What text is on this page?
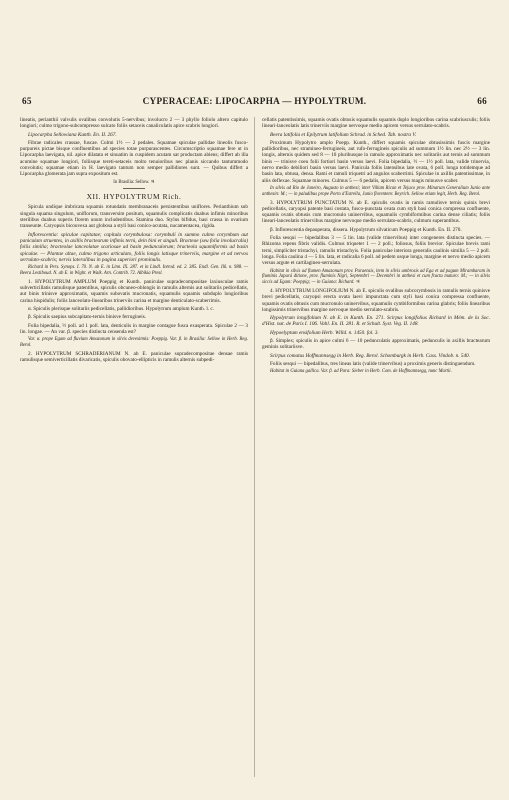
65	CYPERACEAE: LIPOCARPHA — HYPOLYTRUM.	66

lineatis, perianthii valvulis ovalibus convolutis 5-nervibus; involucro 2 — 3 phyllo foliolo altero capitulo longiori; culmo trigono-subcompresso sulcato foliis setaceis canaliculatis apice scabris longiori.

Lipocarpha Sellowiana Kunth. En. II. 267.

Fibrae radicales crassae, fuscae. Culmi 1½ — 2 pedales. Squamae spiculae pallidae lineolis fusco-purpureis pictae bisque confluentibus ad species totae purpurascentes. Circumscriptio squamae fere ut in Lipocarpha laevigata, nil. apice dilatata et sinuatim in cuspidem acutam sat productam abiens; differt ab illa acumine squamae longiori, foliisque tereti-setaceis molto tenuioribus nec planis siccando tantummodo convolutis; squamae etiam in H. laevigato tantum non semper pallidiores sunt. — Quibus differt a Lipocarpha glomerata jam supra expositum est.

In Brasilia: Sellow. ♃

XII. HYPOLYTRUM Rich.

Spicula undique imbricata squamis rotundatis membranaceis persistentibus uniflores. Perianthium sub singula squama singulum, uniflorum, transversim positum, squamulis complicatis duabus infimis minoribus sterilibus duabus superis florem unum includentibus. Stamina duo. Stylus bifidus, basi crassa in ovarium transeunte. Caryopsis bicouvexa aut globosa a styli basi conico-acutata, nucamentacea, rigida.

Inflorescentia: spiculae capitatae; capitula corymbulosa: corymbuli in summo culmo corymbum aut paniculam struentes, in axillis bractearum infimis terni, dein bini et singuli. Bracteae (seu folia involucralia) foliis similia; bracteolae lanceolatae scariosae ad basin pedunculorum; bracteola squamiformis ad basin spiculae. — Plantae altae, culmo trigono articulato, foliis longis latisque trinerviis, margine et ad nervos serrulato-scabris; nervis lateralibus in pagina superiori prominulis.

Richard in Pers. Synops. I. 70. N. ab E. in Linn. IX. 287. et in Lindl. Introd. ed. 2. 385. Endl. Gen. Il6. n. 988. — Beera Lestiboud. N. ab E. in Wight. et Walk. Arn. Contrib. 72. Albikia Presl.

1. HYPOLYTRUM AMPLUM Poeppig et Kunth. paniculae supradecompositae laxiusculae ramis subverticillatis ramulisque patentibus, spiculis obcuneo-oblongis in ramulis alternis aut solitariis pedicellatis, aut binis trinisve approximatis, squamis subovatis mucronatis, squamulis squamis subduplo longioribus carina hispidulis; foliis lanceolato-linearibus trinerviis carina et margine denticulato-scaberrimis.

α. Spiculis plerisque solitariis pedicellatis, pallidioribus. Hypolytrum amplum Kunth. l. c.

β. Spiculis saepius subcapitato-ternis binisve ferrugineis.

Folia bipedalia, ½ poll. ad 1 poll. lata, denticulis in margine contague fusca exasperata. Spiculae 2 — 3 lin. longae. — An var. β. species distincta censenda est?

Var. α. prope Egam ad fluvium Amazonum in silvis devexitmis: Poeppig. Var. β. in Brasilia: Sellow in Herb. Reg. Berol.

2. HYPOLYTRUM SCHRADERIANUM N. ab E. paniculae supradecompositae densae ramis ramulisque semiverticillatis divaricatis, spiculis obovato-ellipticis in ramulis alternis subpedi-

cellatis patentissimis, squamis ovatis obtusis squamulis squamis duplo longioribus carina scabriusculis; foliis lineari-lanceolatis latis trinerviis margine nervoque medio apicem versus serrulato-scabris.

Beera latifolia et Epilytrum latifolium Schrad. in Sched. Tab. nostra V.

Proximum Hypolytro amplo Poepp. Kunth., differt squamis spiculae obtusissimis fuscis margine pallidioribus, nec stramineo-ferrugineis, aut rufo-ferrugineis spiculis ad summum 1½ lin. nec 2½ — 3 lin. longis, alternis quidem sed 8 — 10 pluribusque in ramulo approximatis nec solitariis aut ternis ad summum binis — trinisve coeu folii fortiori basin versus laevi. Folia bipedalia, ½ — 1½ poll. lata, valide trinervia, nervo medio debiliori basin versus laevi. Panicula foliis latensibus late ovata, 6 poll. longa totidemque ad basin lata, obtusa, densa. Rami et ramuli triquetri ad angulos scaberrimi. Spiculae in axillis patentissimae, in aliis deflexae. Squamae minores. Culmus 5 — 6 pedalis, apicem versus magis minusve scaber.

In silvis ad Rio de Janeiro, Augusto in anthesi; inter Villam Rican et Tejuco prov. Minarum Generalium Junio ante anthesin: M.; — in paludibus prope Porto d'Estrella, Junio florentem: Beyrich. Sellow etiam legit, Herb. Reg. Berol.

3. HYPOLYTRUM PUNCTATUM N. ab E. spiculis ovatis in ramis ramulisve ternis quinis brevi pedicellatis, caryopsi patente basi costata, fusco-punctata ovata cum styli basi conica compressa confluente, squamis ovatis obtusis cum mucronulo uninervibus, squamulis cymbiformibus carina dense ciliatis; foliis lineari-lanceolatis trinervibus margine nervoque medio serrulato-scabris, culmum superantibus.

β. Inflorescentia depauperata, dissera. Hypolytrum silvaticum Poeppig et Kunth. En. II. 270.

Folia sesqui — bipedalibus 3 — 5 lin. lata (valide trinervibus) inter congeneres distincta species. — Rhizoma repens fibris validis. Culmus triqueter 1 — 2 poll.; foliosus, foliis brevior. Spiculae brevis rami terni, simpliciter tristachyi, ramulis tristachyis. Folia paniculae interiora generalis caulinis similia 5 — 2 poll. longa. Folia caulina 4 — 5 lin. lata, et radicalia 6 poll. ad pedem usque longa, margine et nervo medio apicem versus argute et cartilagineo-serrulata.

Habitat in silvis ad flumen Amazonum prov. Paraensis, item in silvis umbrosis ad Ega et ad pagum Mirambaram in fluminis Japurá ditione, prov. fluminis Nigri, Septembri — Decembri in anthesi et cum fructu maturo: M.; — in silvis siccis ad Egam: Poeppig; — in Guiana: Richard. ♃

4. HYPOLYTRUM LONGIFOLIUM N. ab E. spiculis ovalibus subcorymbosis in ramulis ternis quinisve brevi pedicellatis, caryopsi erecta ovata laevi impunctata cum styli basi conica compressa confluente, squamis ovatis obtusis cum mucronulo uninervibus, squamulis cymbiformibus carina glabris; foliis linearibus longissimis trinervibus margine nervoque medio serrulato-scabris.

Hypolytrum longifolium N. ab E. in Kunth. En. 271. Scirpus longifolius Richard in Mém. de la Soc. d'Hist. nat. de Paris I. 106. Vahl. En. II. 281. R. et Schult. Syst. Veg. II. 148.

Hypoelyptum ensifolium Herb. Willd. n. 1450. fol. 3.

β. Simplex; spiculis in apice culmi 6 — 10 pedunculatis approximatis, pedunculis in axillis bractearum geminis solitariisve.

Scirpus comatus Hoffmannsegg in Herb. Reg. Berol. Schomburgk in Herb. Cass. Vindob. n. 540.

Foliis sesqui — bipedalibus, tres lineas latis (valide trinervibus) a proximis generis distinguendum.

Habitat in Guiana gallica. Var. β. ad Para: Sieber in Herb. Com. de Hoffmannsegg, nunc Martii.
